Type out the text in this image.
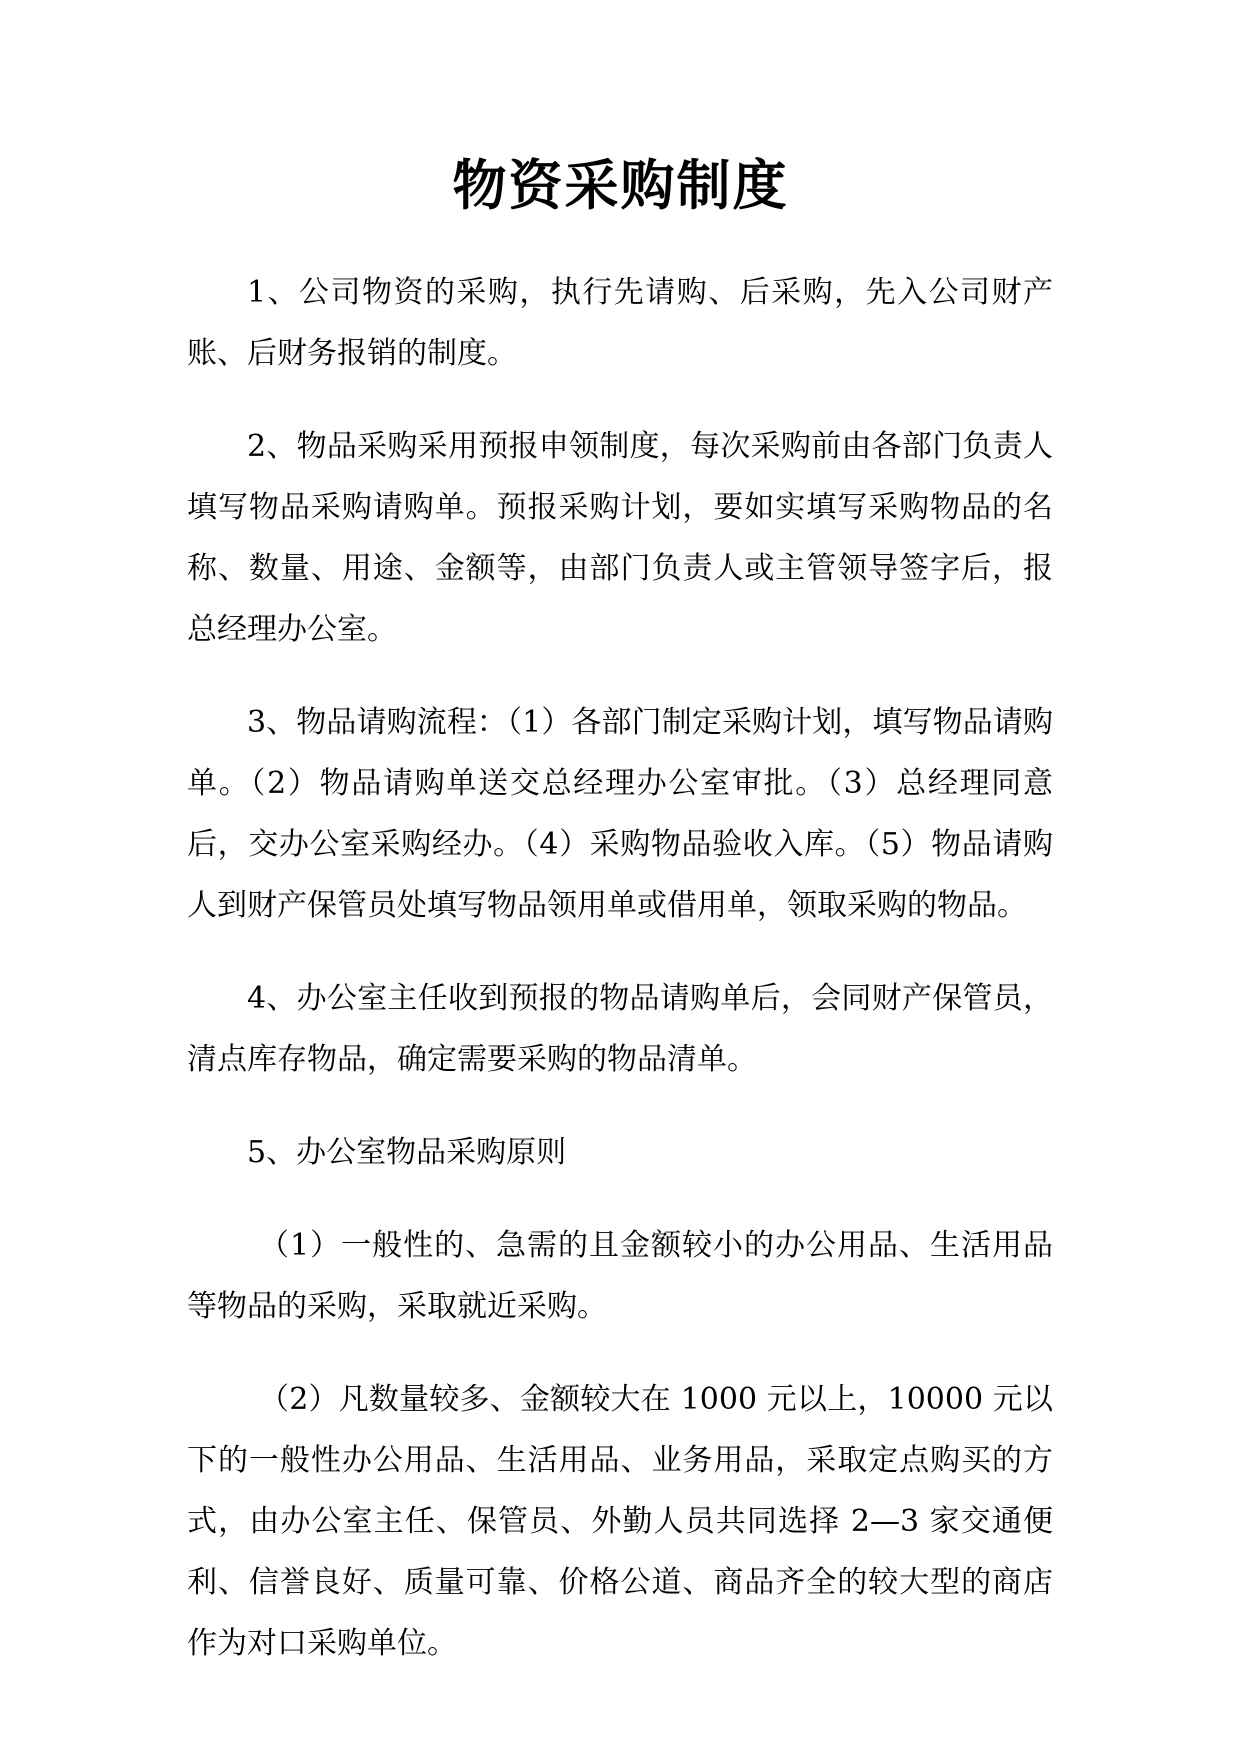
物资采购制度

1、公司物资的采购，执行先请购、后采购，先入公司财产账、后财务报销的制度。

2、物品采购采用预报申领制度，每次采购前由各部门负责人填写物品采购请购单。预报采购计划，要如实填写采购物品的名称、数量、用途、金额等，由部门负责人或主管领导签字后，报总经理办公室。

3、物品请购流程：（1）各部门制定采购计划，填写物品请购单。（2）物品请购单送交总经理办公室审批。（3）总经理同意后，交办公室采购经办。（4）采购物品验收入库。（5）物品请购人到财产保管员处填写物品领用单或借用单，领取采购的物品。

4、办公室主任收到预报的物品请购单后，会同财产保管员，清点库存物品，确定需要采购的物品清单。

5、办公室物品采购原则

（1）一般性的、急需的且金额较小的办公用品、生活用品等物品的采购，采取就近采购。

（2）凡数量较多、金额较大在 1000 元以上，10000 元以下的一般性办公用品、生活用品、业务用品，采取定点购买的方式，由办公室主任、保管员、外勤人员共同选择 2—3 家交通便利、信誉良好、质量可靠、价格公道、商品齐全的较大型的商店作为对口采购单位。
